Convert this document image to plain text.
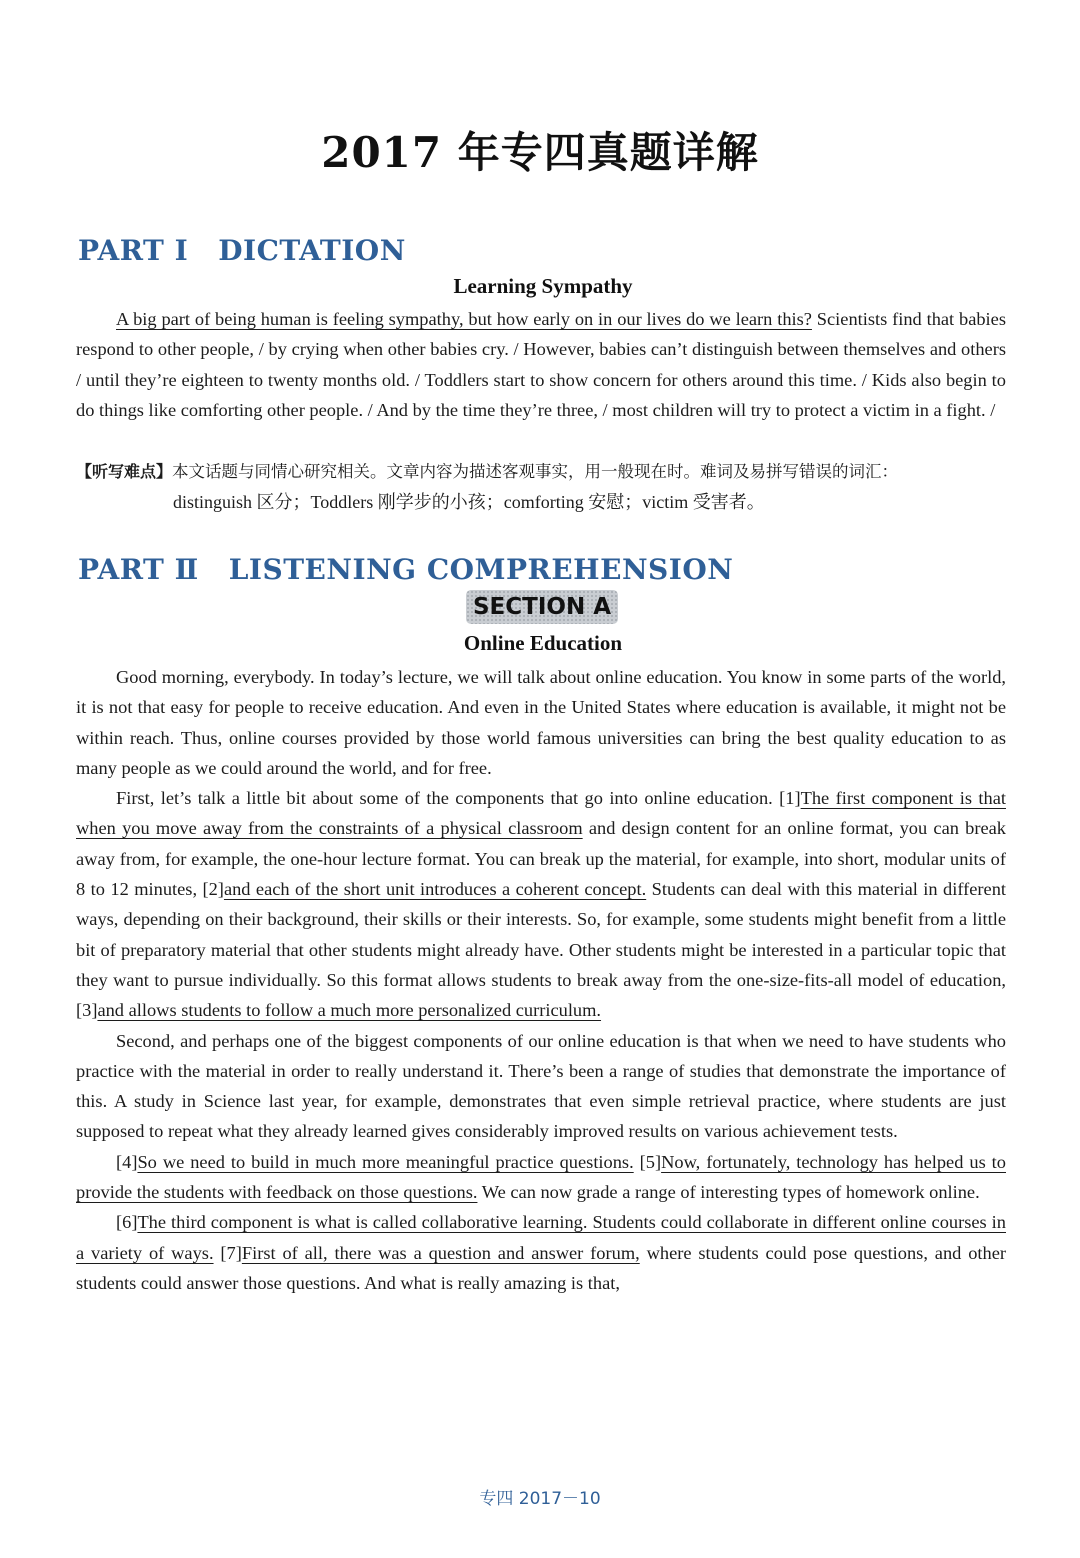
2017 年专四真题详解
PART Ⅰ DICTATION
Learning Sympathy

A big part of being human is feeling sympathy, but how early on in our lives do we learn this? Scientists find that babies respond to other people, / by crying when other babies cry. / However, babies can’t distinguish between themselves and others / until they’re eighteen to twenty months old. / Toddlers start to show concern for others around this time. / Kids also begin to do things like comforting other people. / And by the time they’re three, / most children will try to protect a victim in a fight. /

【听写难点】本文话题与同情心研究相关。文章内容为描述客观事实，用一般现在时。难词及易拼写错误的词汇：
distinguish 区分；Toddlers 刚学步的小孩；comforting 安慰；victim 受害者。
PART Ⅱ LISTENING COMPREHENSION
SECTION A
Online Education

Good morning, everybody. In today’s lecture, we will talk about online education. You know in some parts of the world, it is not that easy for people to receive education. And even in the United States where education is available, it might not be within reach. Thus, online courses provided by those world famous universities can bring the best quality education to as many people as we could around the world, and for free.

First, let’s talk a little bit about some of the components that go into online education. [1]The first component is that when you move away from the constraints of a physical classroom and design content for an online format, you can break away from, for example, the one-hour lecture format. You can break up the material, for example, into short, modular units of 8 to 12 minutes, [2]and each of the short unit introduces a coherent concept. Students can deal with this material in different ways, depending on their background, their skills or their interests. So, for example, some students might benefit from a little bit of preparatory material that other students might already have. Other students might be interested in a particular topic that they want to pursue individually. So this format allows students to break away from the one-size-fits-all model of education, [3]and allows students to follow a much more personalized curriculum.

Second, and perhaps one of the biggest components of our online education is that when we need to have students who practice with the material in order to really understand it. There’s been a range of studies that demonstrate the importance of this. A study in Science last year, for example, demonstrates that even simple retrieval practice, where students are just supposed to repeat what they already learned gives considerably improved results on various achievement tests.

[4]So we need to build in much more meaningful practice questions. [5]Now, fortunately, technology has helped us to provide the students with feedback on those questions. We can now grade a range of interesting types of homework online.

[6]The third component is what is called collaborative learning. Students could collaborate in different online courses in a variety of ways. [7]First of all, there was a question and answer forum, where students could pose questions, and other students could answer those questions. And what is really amazing is that,

专四 2017－10
